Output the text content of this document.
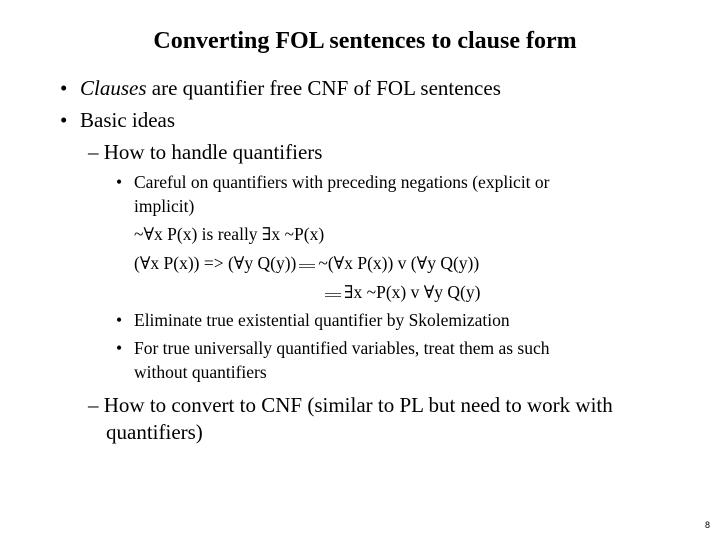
Converting FOL sentences to clause form
• Clauses are quantifier free CNF of FOL sentences
• Basic ideas
– How to handle quantifiers
• Careful on quantifiers with preceding negations (explicit or
implicit)
~∀x P(x) is really ∃x ~P(x)
(∀x P(x)) => (∀y Q(y)) ~(∀x P(x)) v (∀y Q(y))
∃x ~P(x) v ∀y Q(y)
• Eliminate true existential quantifier by Skolemization
• For true universally quantified variables, treat them as such
without quantifiers
– How to convert to CNF (similar to PL but need to work with
quantifiers)
8
